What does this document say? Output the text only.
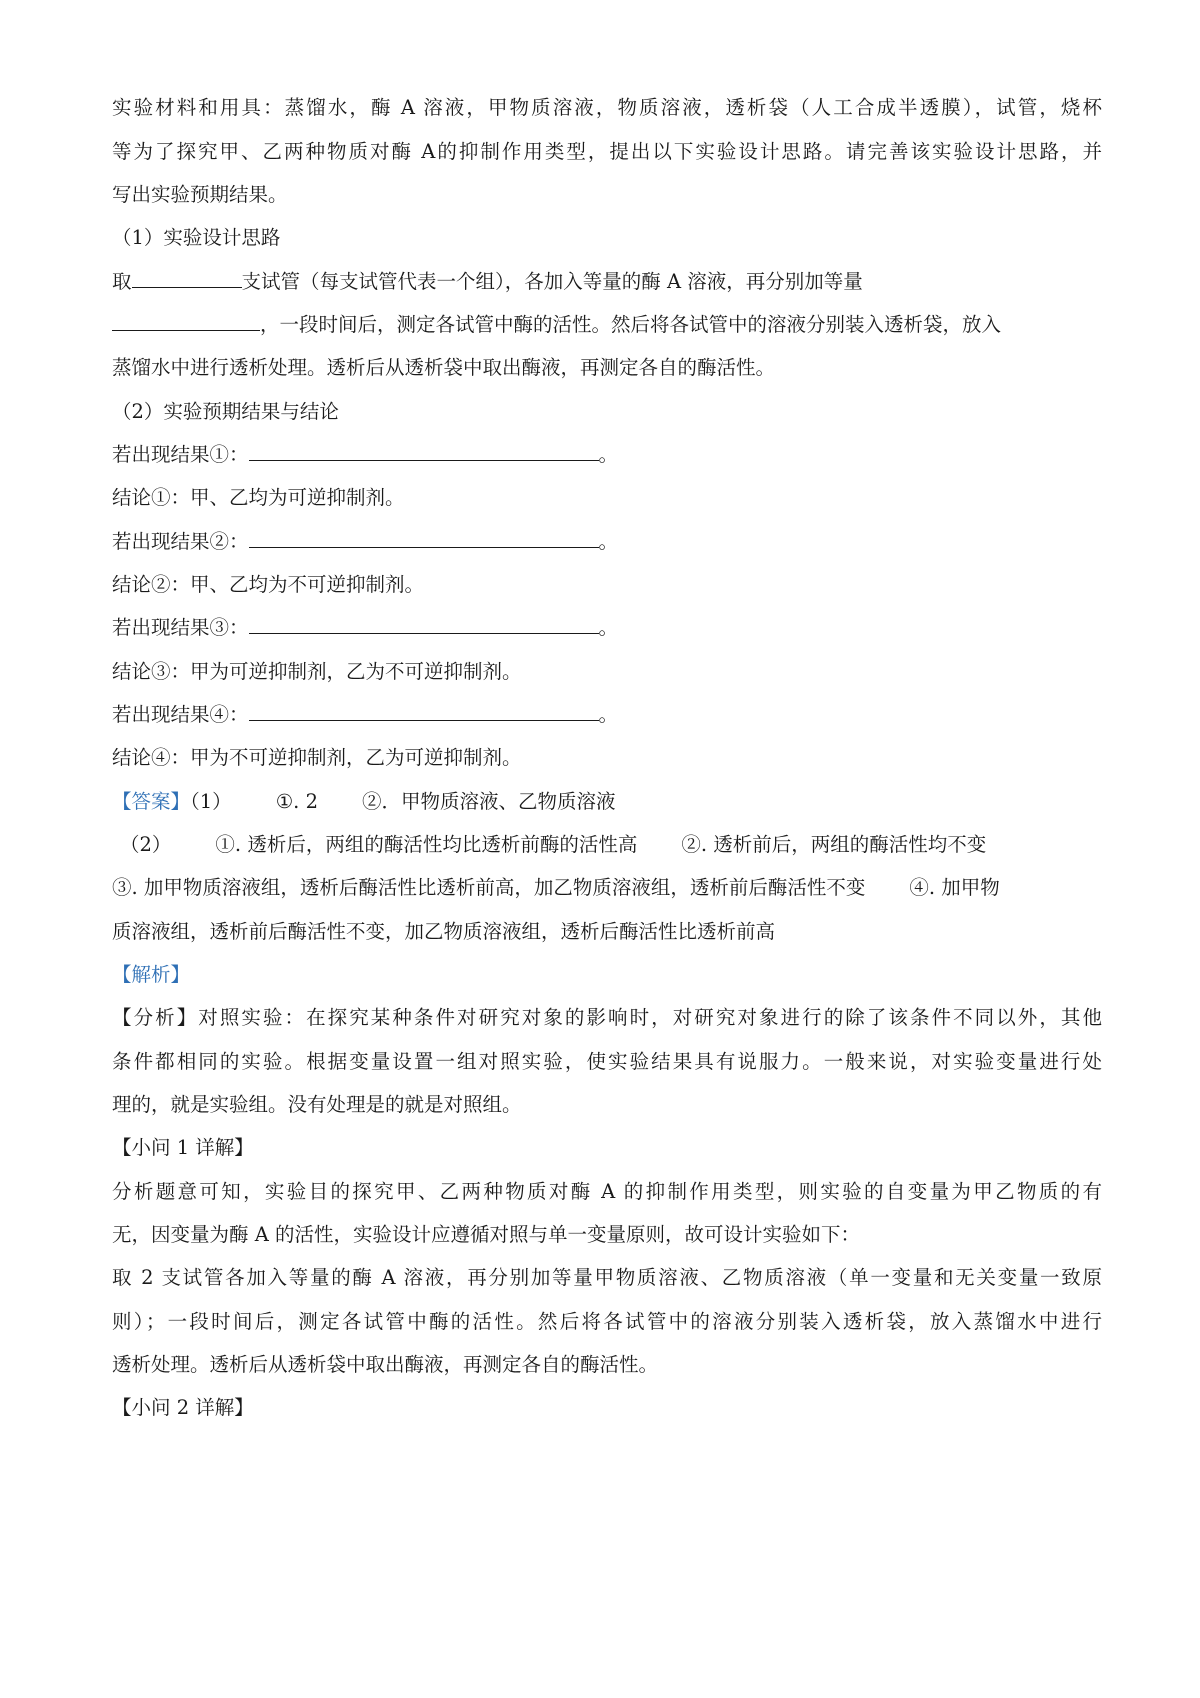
实验材料和用具：蒸馏水，酶 A 溶液，甲物质溶液，物质溶液，透析袋（人工合成半透膜），试管，烧杯
等为了探究甲、乙两种物质对酶 A的抑制作用类型，提出以下实验设计思路。请完善该实验设计思路，并
写出实验预期结果。
（1）实验设计思路
取	支试管（每支试管代表一个组），各加入等量的酶 A 溶液，再分别加等量
，一段时间后，测定各试管中酶的活性。然后将各试管中的溶液分别装入透析袋，放入
蒸馏水中进行透析处理。透析后从透析袋中取出酶液，再测定各自的酶活性。
（2）实验预期结果与结论
若出现结果①：	。
结论①：甲、乙均为可逆抑制剂。
若出现结果②：	。
结论②：甲、乙均为不可逆抑制剂。
若出现结果③：	。
结论③：甲为可逆抑制剂，乙为不可逆抑制剂。
若出现结果④：	。
结论④：甲为不可逆抑制剂，乙为可逆抑制剂。
【答案】（1） ①. 2 ②．甲物质溶液、乙物质溶液
（2） ①. 透析后，两组的酶活性均比透析前酶的活性高 ②. 透析前后，两组的酶活性均不变
③. 加甲物质溶液组，透析后酶活性比透析前高，加乙物质溶液组，透析前后酶活性不变 ④. 加甲物
质溶液组，透析前后酶活性不变，加乙物质溶液组，透析后酶活性比透析前高
【解析】
【分析】对照实验：在探究某种条件对研究对象的影响时，对研究对象进行的除了该条件不同以外，其他
条件都相同的实验。根据变量设置一组对照实验，使实验结果具有说服力。一般来说，对实验变量进行处
理的，就是实验组。没有处理是的就是对照组。
【小问 1 详解】
分析题意可知，实验目的探究甲、乙两种物质对酶 A 的抑制作用类型，则实验的自变量为甲乙物质的有
无，因变量为酶 A 的活性，实验设计应遵循对照与单一变量原则，故可设计实验如下：
取 2 支试管各加入等量的酶 A 溶液，再分别加等量甲物质溶液、乙物质溶液（单一变量和无关变量一致原
则）；一段时间后，测定各试管中酶的活性。然后将各试管中的溶液分别装入透析袋，放入蒸馏水中进行
透析处理。透析后从透析袋中取出酶液，再测定各自的酶活性。
【小问 2 详解】
